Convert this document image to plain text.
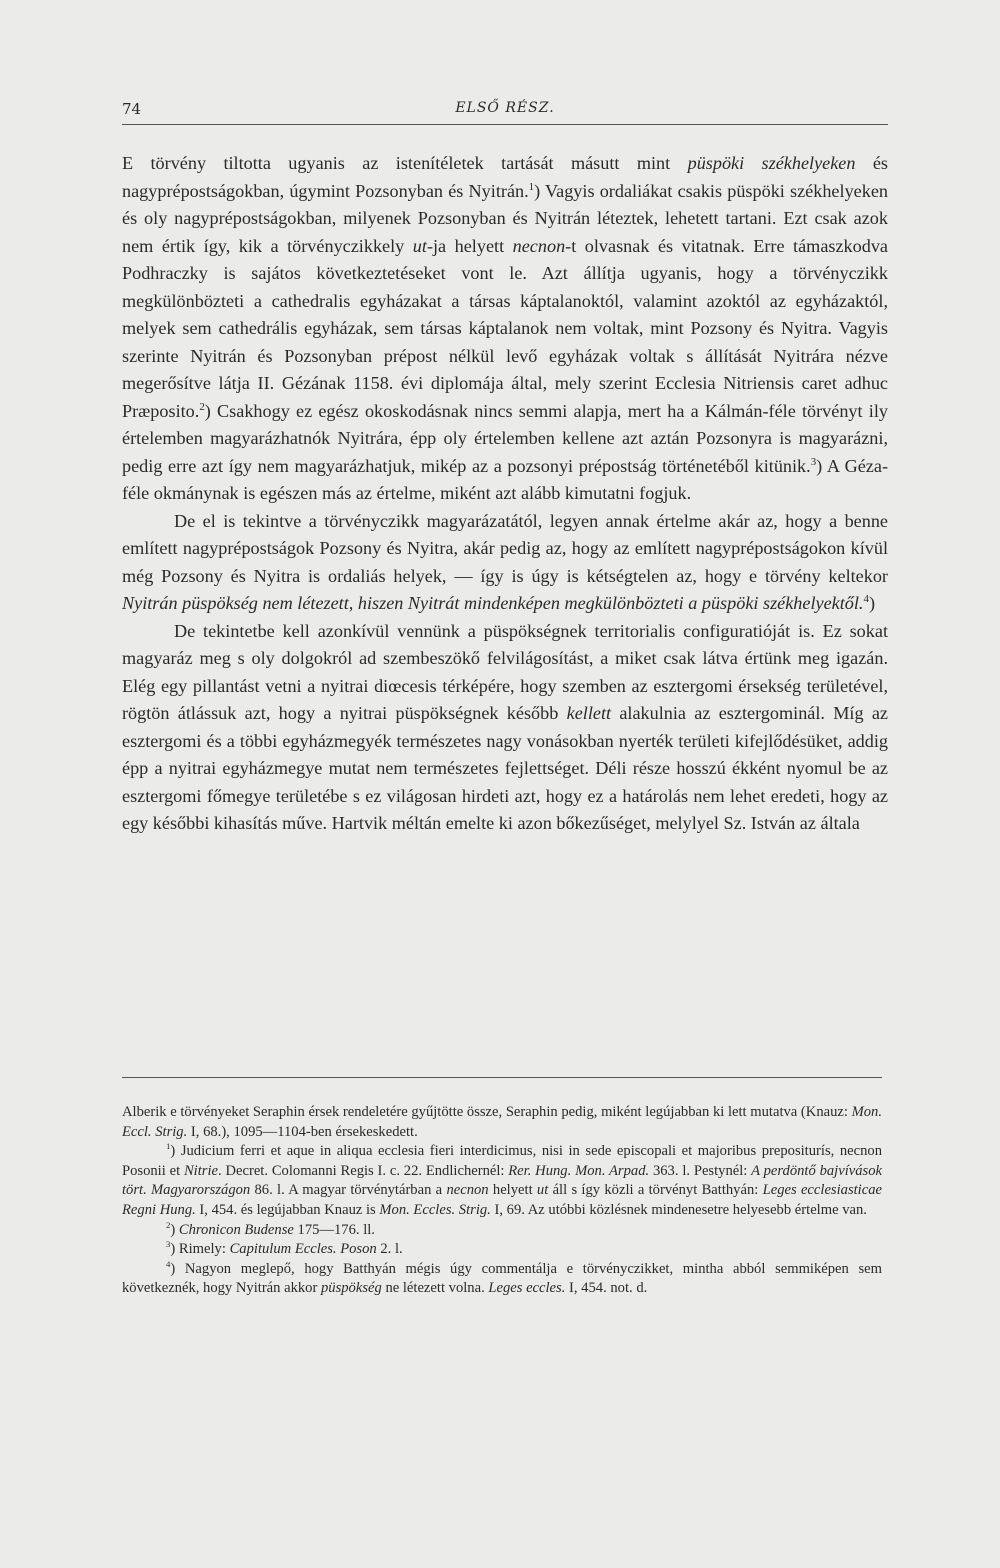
74	ELSŐ RÉSZ.

E törvény tiltotta ugyanis az istenítéletek tartását másutt mint püspöki székhelyeken és nagyprépostságokban, úgymint Pozsonyban és Nyitrán.$^1$) Vagyis ordaliákat csakis püspöki székhelyeken és oly nagyprépostságokban, milyenek Pozsonyban és Nyitrán léteztek, lehetett tartani. Ezt csak azok nem értik így, kik a törvényczikkely ut-ja helyett necnon-t olvasnak és vitatnak. Erre támaszkodva Podhraczky is sajátos következtetéseket vont le. Azt állítja ugyanis, hogy a törvényczikk megkülönbözteti a cathedralis egyházakat a társas káptalanoktól, valamint azoktól az egyházaktól, melyek sem cathedrális egyházak, sem társas káptalanok nem voltak, mint Pozsony és Nyitra. Vagyis szerinte Nyitrán és Pozsonyban prépost nélkül levő egyházak voltak s állítását Nyitrára nézve megerősítve látja II. Gézának 1158. évi diplomája által, mely szerint Ecclesia Nitriensis caret adhuc Præposito.$^2$) Csakhogy ez egész okoskodásnak nincs semmi alapja, mert ha a Kálmán-féle törvényt ily értelemben magyarázhatnók Nyitrára, épp oly értelemben kellene azt aztán Pozsonyra is magyarázni, pedig erre azt így nem magyarázhatjuk, mikép az a pozsonyi prépostság történetéből kitünik.$^3$) A Géza-féle okmánynak is egészen más az értelme, miként azt alább kimutatni fogjuk.

De el is tekintve a törvényczikk magyarázatától, legyen annak értelme akár az, hogy a benne említett nagyprépostságok Pozsony és Nyitra, akár pedig az, hogy az említett nagyprépostságokon kívül még Pozsony és Nyitra is ordaliás helyek, — így is úgy is kétségtelen az, hogy e törvény keltekor Nyitrán püspökség nem létezett, hiszen Nyitrát mindenképen megkülönbözteti a püspöki székhelyektől.$^4$)

De tekintetbe kell azonkívül vennünk a püspökségnek territorialis configuratióját is. Ez sokat magyaráz meg s oly dolgokról ad szembeszökő felvilágosítást, a miket csak látva értünk meg igazán. Elég egy pillantást vetni a nyitrai diœcesis térképére, hogy szemben az esztergomi érsekség területével, rögtön átlássuk azt, hogy a nyitrai püspökségnek később kellett alakulnia az esztergominál. Míg az esztergomi és a többi egyházmegyék természetes nagy vonásokban nyerték területi kifejlődésüket, addig épp a nyitrai egyházmegye mutat nem természetes fejlettséget. Déli része hosszú ékként nyomul be az esztergomi főmegye területébe s ez világosan hirdeti azt, hogy ez a határolás nem lehet eredeti, hogy az egy későbbi kihasítás műve. Hartvik méltán emelte ki azon bőkezűséget, melylyel Sz. István az általa

Alberik e törvényeket Seraphin érsek rendeletére gyűjtötte össze, Seraphin pedig, miként legújabban ki lett mutatva (Knauz: Mon. Eccl. Strig. I, 68.), 1095—1104-ben érsekeskedett.

$^1$) Judicium ferri et aque in aliqua ecclesia fieri interdicimus, nisi in sede episcopali et majoribus prepositurís, necnon Posonii et Nitrie. Decret. Colomanni Regis I. c. 22. Endlichernél: Rer. Hung. Mon. Arpad. 363. l. Pestynél: A perdöntő bajvívások tört. Magyarországon 86. l. A magyar törvénytárban a necnon helyett ut áll s így közli a törvényt Batthyán: Leges ecclesiasticae Regni Hung. I, 454. és legújabban Knauz is Mon. Eccles. Strig. I, 69. Az utóbbi közlésnek mindenesetre helyesebb értelme van.

$^2$) Chronicon Budense 175—176. ll.

$^3$) Rimely: Capitulum Eccles. Poson 2. l.

$^4$) Nagyon meglepő, hogy Batthyán mégis úgy commentálja e törvényczikket, mintha abból semmiképen sem következnék, hogy Nyitrán akkor püspökség ne létezett volna. Leges eccles. I, 454. not. d.
